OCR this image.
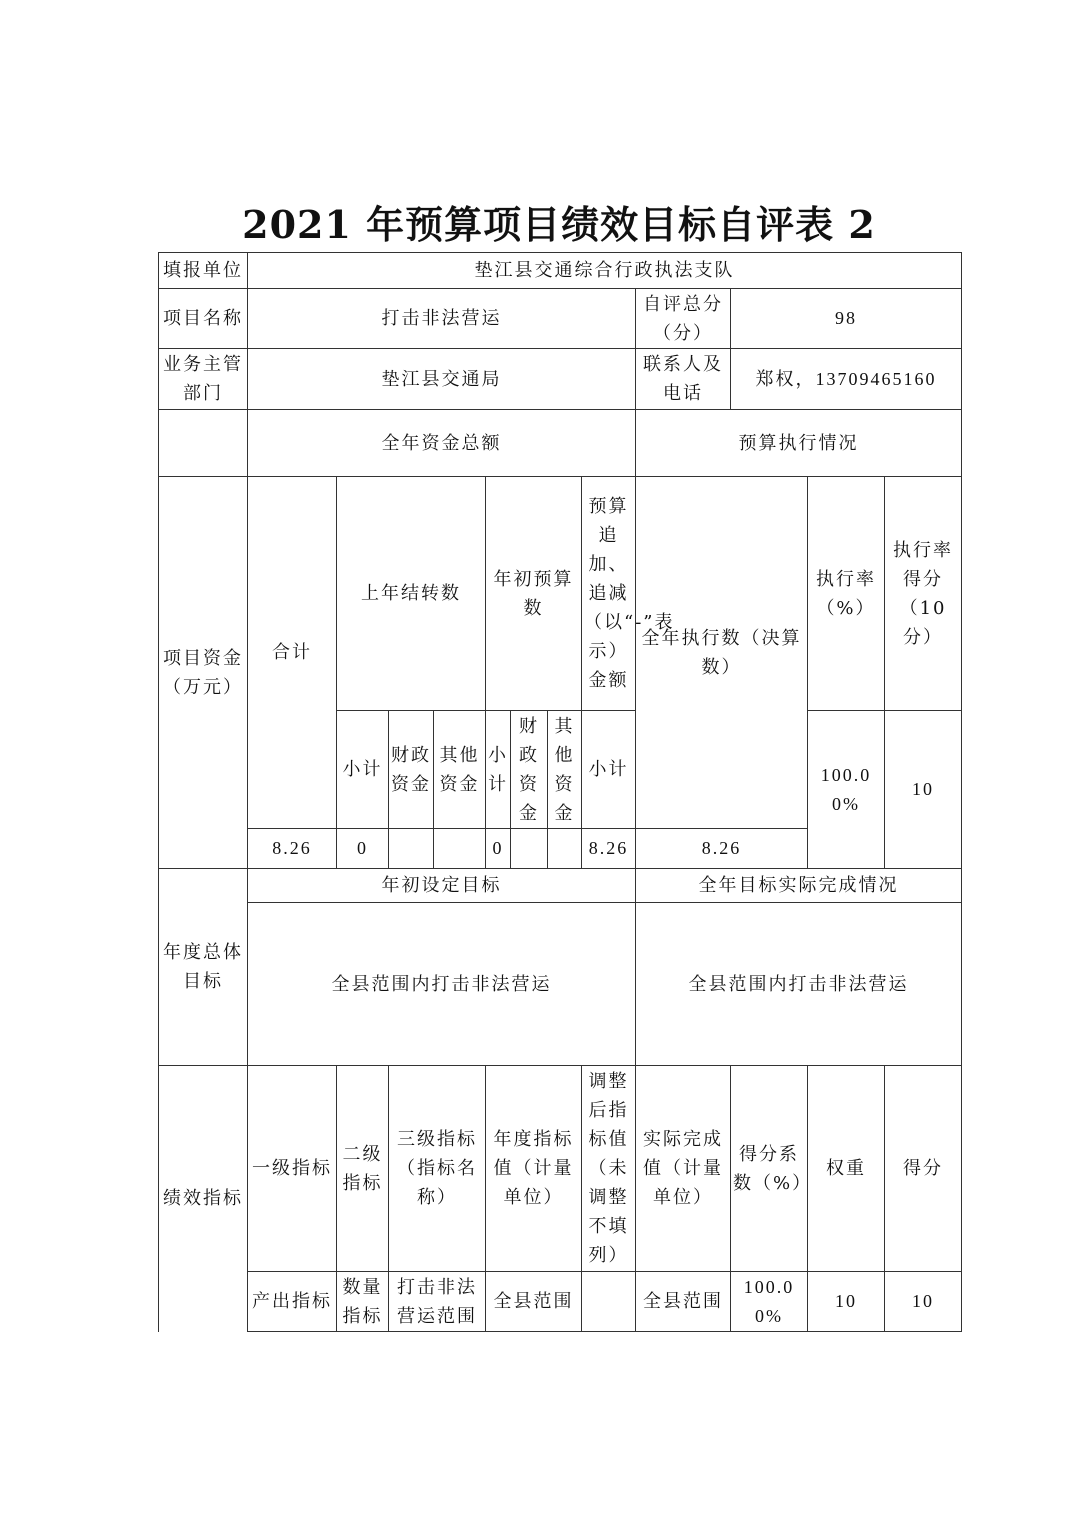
2021 年预算项目绩效目标自评表 2
填报单位	垫江县交通综合行政执法支队											
项目名称	打击非法营运								自评总分（分）	98		
业务主管部门	垫江县交通局								联系人及电话	郑权，13709465160		
	全年资金总额								预算执行情况			
项目资金（万元）	合计	上年结转数			年初预算数			预算追加、追减（以“-”表示）金额	全年执行数（决算数）		执行率（%）	执行率得分（10分）
		小计	财政资金	其他资金	小计	财政资金	其他资金	小计			100.00%	10
	8.26	0			0			8.26	8.26			
年度总体目标	年初设定目标								全年目标实际完成情况			
	全县范围内打击非法营运								全县范围内打击非法营运			
绩效指标	一级指标	二级指标	三级指标（指标名称）		年度指标值（计量单位）			调整后指标值（未调整不填列）	实际完成值（计量单位）	得分系数（%）	权重	得分
	产出指标	数量指标	打击非法营运范围		全县范围				全县范围	100.00%	10	10
